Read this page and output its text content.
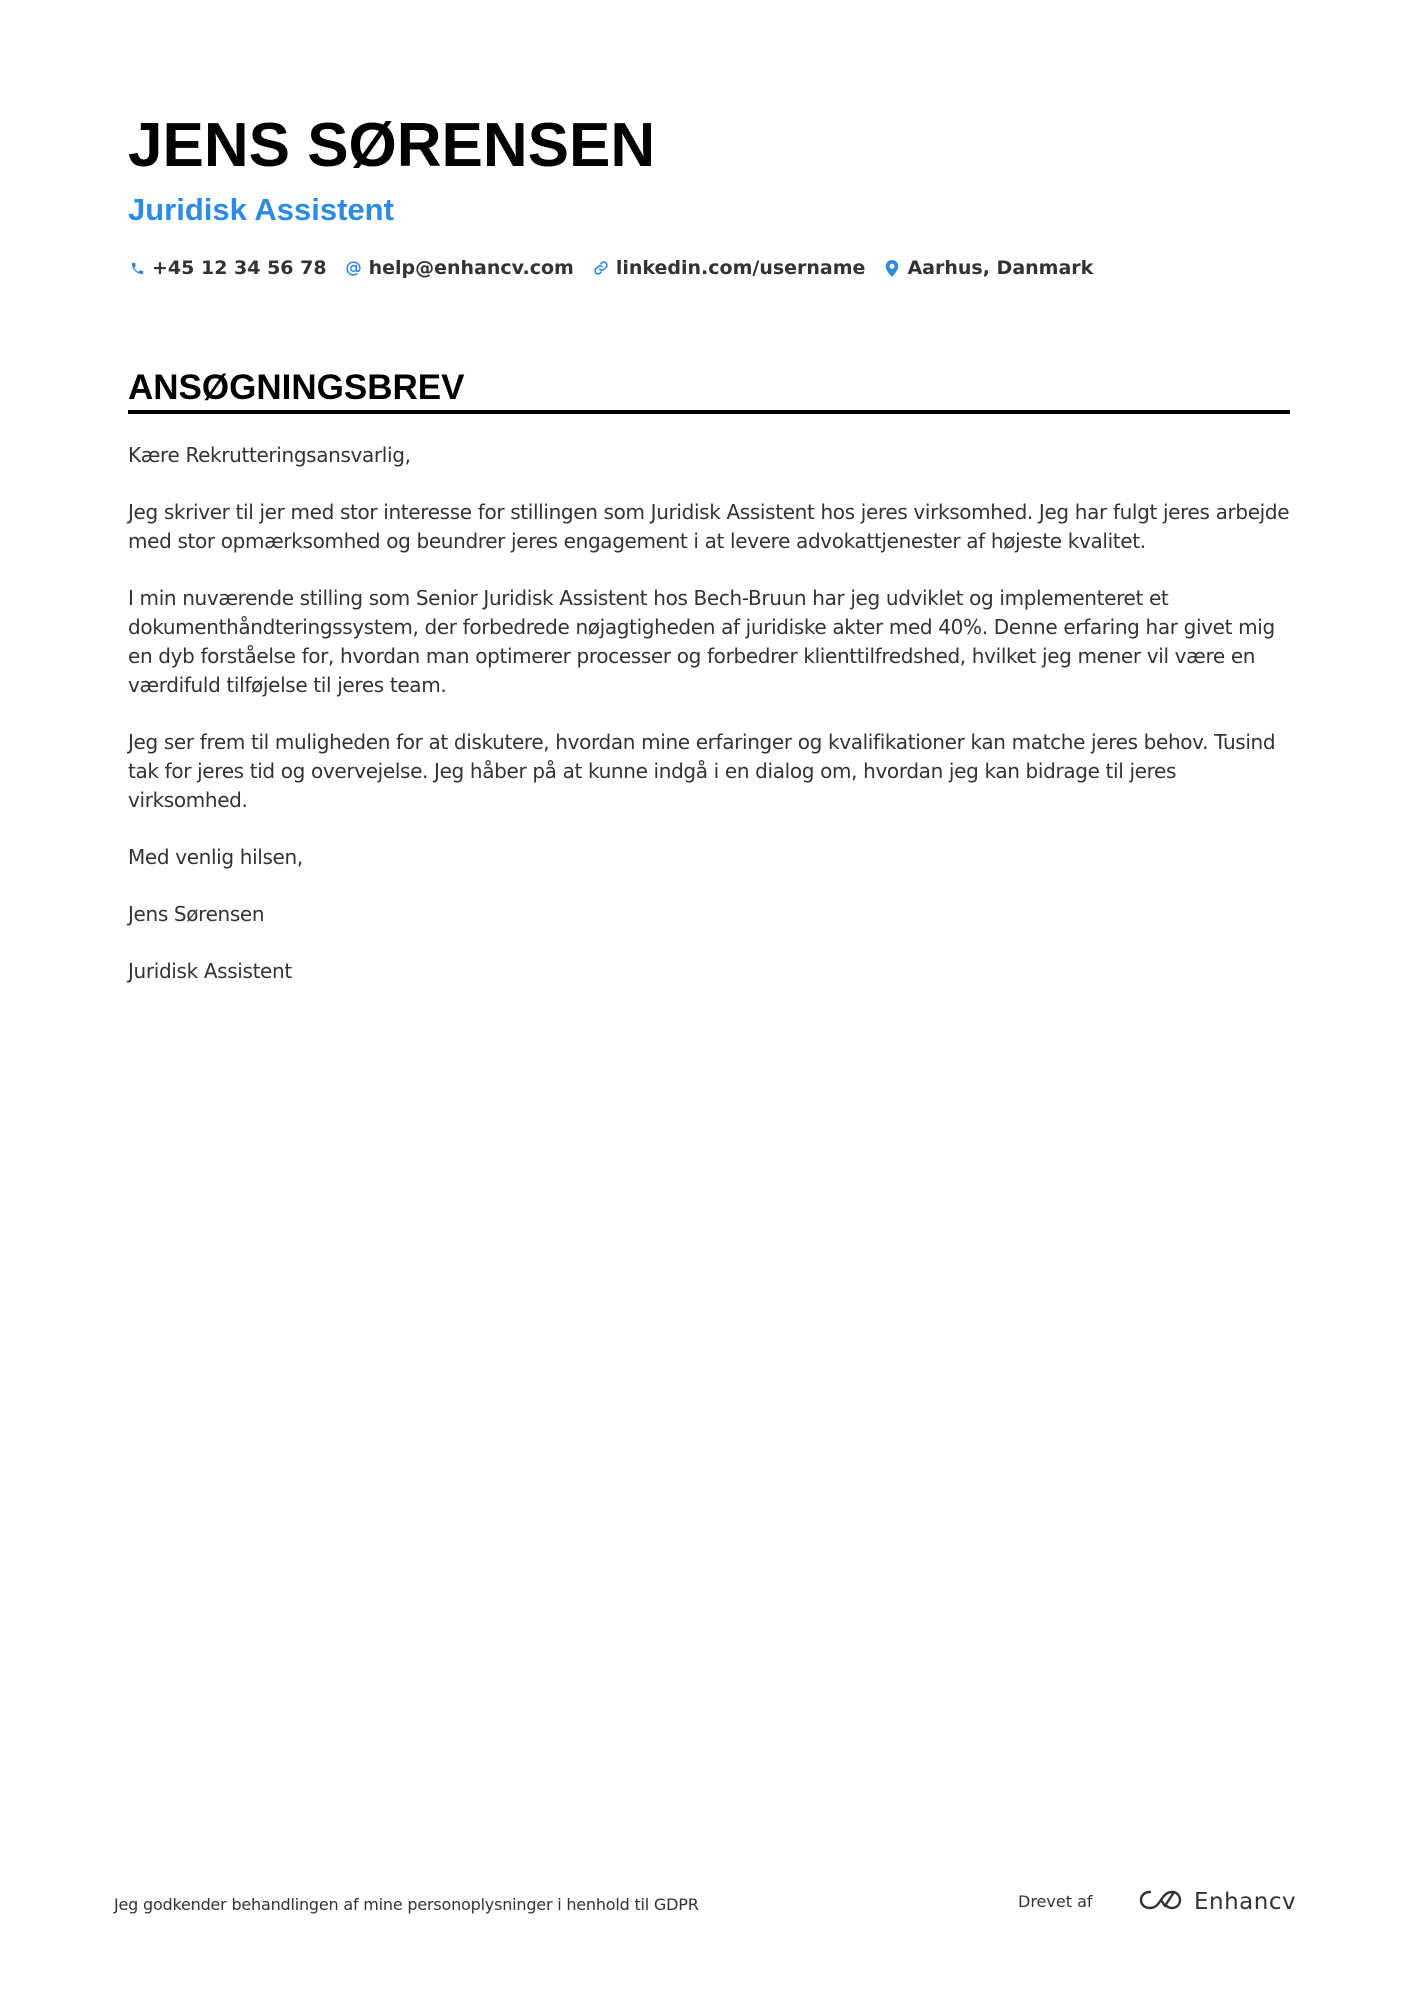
JENS SØRENSEN
Juridisk Assistent
+45 12 34 56 78 help@enhancv.com linkedin.com/username Aarhus, Danmark
ANSØGNINGSBREV

Kære Rekrutteringsansvarlig,

Jeg skriver til jer med stor interesse for stillingen som Juridisk Assistent hos jeres virksomhed. Jeg har fulgt jeres arbejde med stor opmærksomhed og beundrer jeres engagement i at levere advokattjenester af højeste kvalitet.

I min nuværende stilling som Senior Juridisk Assistent hos Bech-Bruun har jeg udviklet og implementeret et dokumenthåndteringssystem, der forbedrede nøjagtigheden af juridiske akter med 40%. Denne erfaring har givet mig en dyb forståelse for, hvordan man optimerer processer og forbedrer klienttilfredshed, hvilket jeg mener vil være en værdifuld tilføjelse til jeres team.

Jeg ser frem til muligheden for at diskutere, hvordan mine erfaringer og kvalifikationer kan matche jeres behov. Tusind tak for jeres tid og overvejelse. Jeg håber på at kunne indgå i en dialog om, hvordan jeg kan bidrage til jeres virksomhed.

Med venlig hilsen,

Jens Sørensen

Juridisk Assistent

Jeg godkender behandlingen af mine personoplysninger i henhold til GDPR	Drevet af	Enhancv
